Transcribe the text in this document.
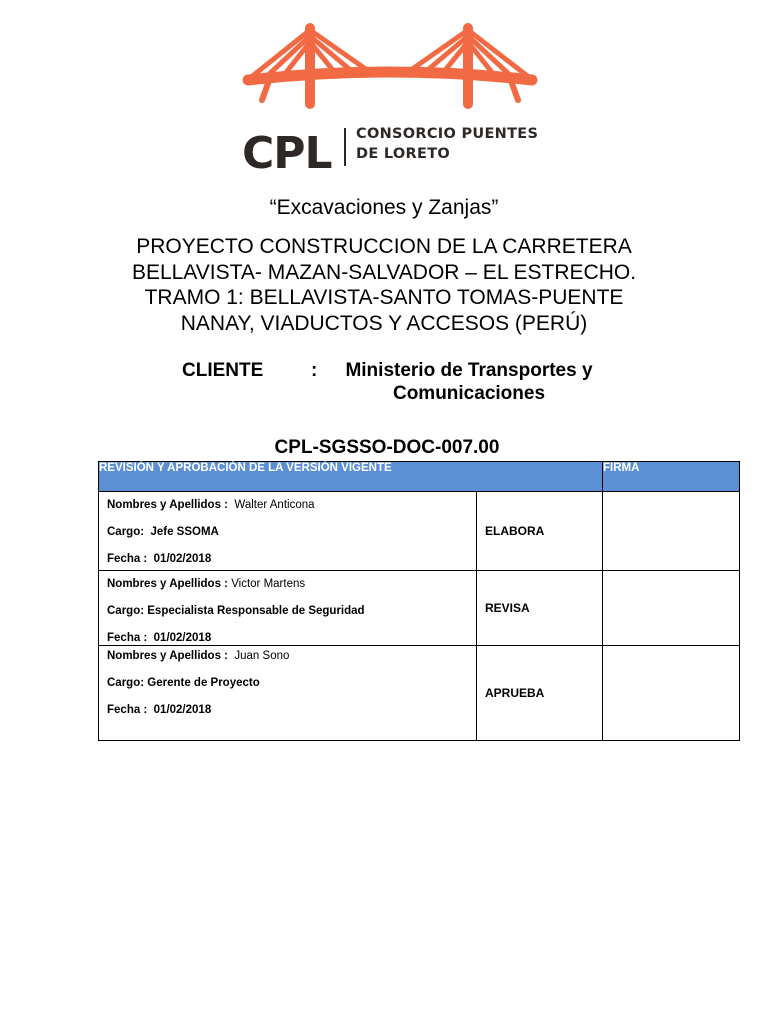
CPL CONSORCIO PUENTES
DE LORETO
“Excavaciones y Zanjas”
PROYECTO CONSTRUCCION DE LA CARRETERA
BELLAVISTA- MAZAN-SALVADOR – EL ESTRECHO.
TRAMO 1: BELLAVISTA-SANTO TOMAS-PUENTE
NANAY, VIADUCTOS Y ACCESOS (PERÚ)
CLIENTE	:	Ministerio de Transportes y
Comunicaciones
CPL-SGSSO-DOC-007.00
REVISIÓN Y APROBACIÓN DE LA VERSIÓN VIGENTE		FIRMA

Nombres y Apellidos : Walter Anticona
Cargo: Jefe SSOMA
Fecha : 01/02/2018	ELABORA	

Nombres y Apellidos : Victor Martens
Cargo: Especialista Responsable de Seguridad
Fecha : 01/02/2018	REVISA	

Nombres y Apellidos : Juan Sono
Cargo: Gerente de Proyecto
Fecha : 01/02/2018	APRUEBA	
